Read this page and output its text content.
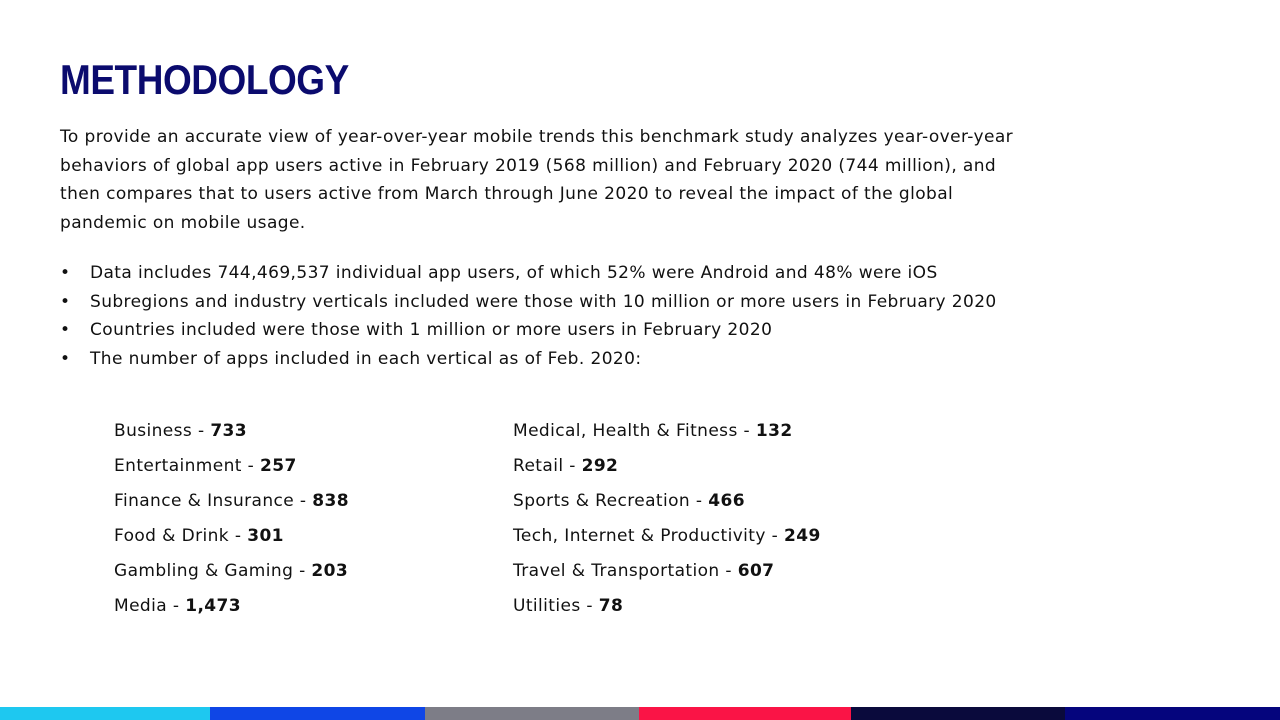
METHODOLOGY

To provide an accurate view of year-over-year mobile trends this benchmark study analyzes year-over-year behaviors of global app users active in February 2019 (568 million) and February 2020 (744 million), and then compares that to users active from March through June 2020 to reveal the impact of the global pandemic on mobile usage.

• Data includes 744,469,537 individual app users, of which 52% were Android and 48% were iOS
• Subregions and industry verticals included were those with 10 million or more users in February 2020
• Countries included were those with 1 million or more users in February 2020
• The number of apps included in each vertical as of Feb. 2020:
Business - 733
Entertainment - 257
Finance & Insurance - 838
Food & Drink - 301
Gambling & Gaming - 203
Media - 1,473
Medical, Health & Fitness - 132
Retail - 292
Sports & Recreation - 466
Tech, Internet & Productivity - 249
Travel & Transportation - 607
Utilities - 78
